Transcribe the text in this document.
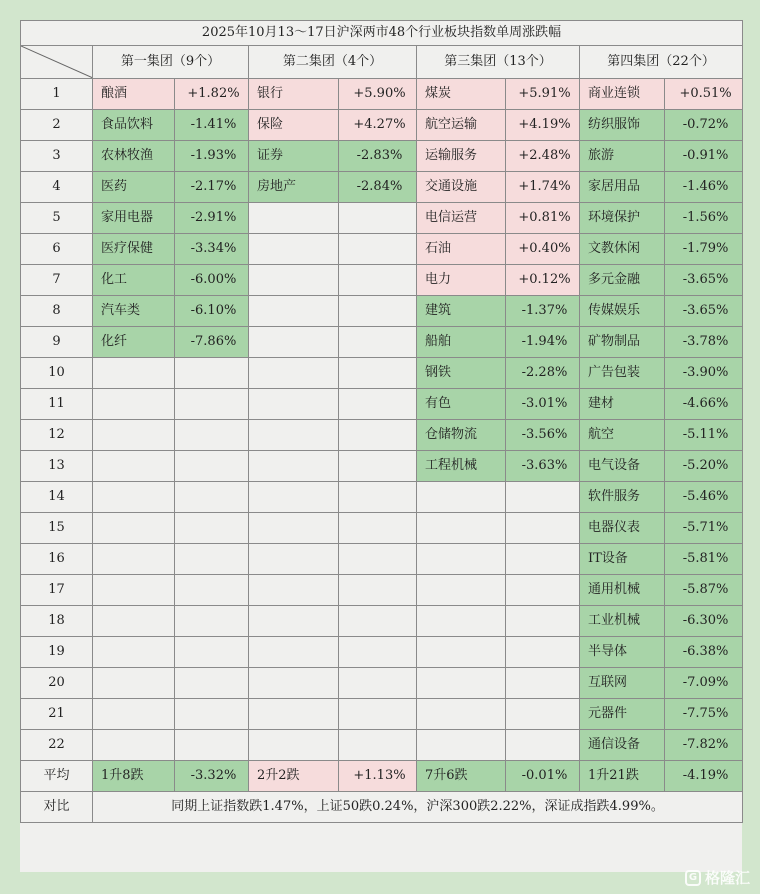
2025年10月13～17日沪深两市48个行业板块指数单周涨跌幅								

	第一集团（9个）		第二集团（4个）		第三集团（13个）		第四集团（22个）	
1	酿酒	+1.82%	银行	+5.90%	煤炭	+5.91%	商业连锁	+0.51%
2	食品饮料	-1.41%	保险	+4.27%	航空运输	+4.19%	纺织服饰	-0.72%
3	农林牧渔	-1.93%	证券	-2.83%	运输服务	+2.48%	旅游	-0.91%
4	医药	-2.17%	房地产	-2.84%	交通设施	+1.74%	家居用品	-1.46%
5	家用电器	-2.91%			电信运营	+0.81%	环境保护	-1.56%
6	医疗保健	-3.34%			石油	+0.40%	文教休闲	-1.79%
7	化工	-6.00%			电力	+0.12%	多元金融	-3.65%
8	汽车类	-6.10%			建筑	-1.37%	传媒娱乐	-3.65%
9	化纤	-7.86%			船舶	-1.94%	矿物制品	-3.78%
10					钢铁	-2.28%	广告包装	-3.90%
11					有色	-3.01%	建材	-4.66%
12					仓储物流	-3.56%	航空	-5.11%
13					工程机械	-3.63%	电气设备	-5.20%
14							软件服务	-5.46%
15							电器仪表	-5.71%
16							IT设备	-5.81%
17							通用机械	-5.87%
18							工业机械	-6.30%
19							半导体	-6.38%
20							互联网	-7.09%
21							元器件	-7.75%
22							通信设备	-7.82%
平均	1升8跌	-3.32%	2升2跌	+1.13%	7升6跌	-0.01%	1升21跌	-4.19%
对比	同期上证指数跌1.47%，上证50跌0.24%，沪深300跌2.22%，深证成指跌4.99%。							
G 格隆汇
